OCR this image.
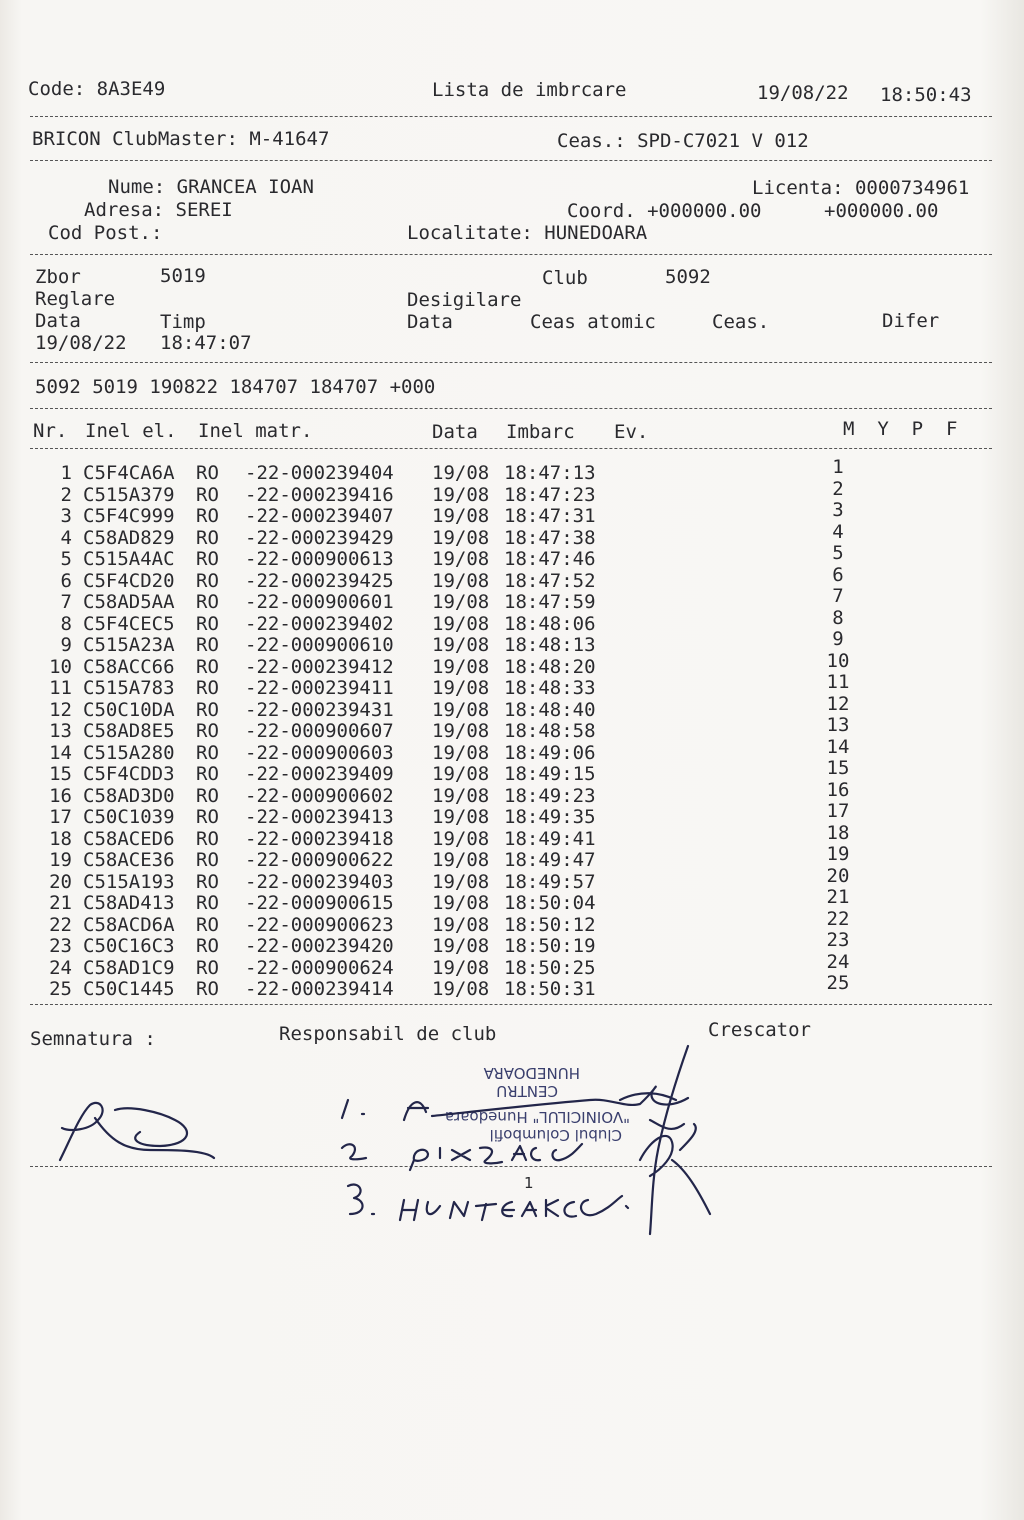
Code: 8A3E49	Lista de imbrcare	19/08/22 18:50:43
BRICON ClubMaster: M-41647	Ceas.: SPD-C7021 V 012
Nume: GRANCEA IOAN	Licenta: 0000734961
Adresa: SEREI	Coord. +000000.00	+000000.00
Cod Post.:	Localitate: HUNEDOARA
Zbor	5019	Club	5092
Reglare	Desigilare
Data	Timp	Data	Ceas atomic	Ceas.	Difer
19/08/22 18:47:07
5092 5019 190822 184707 184707 +000
Nr. Inel el. Inel matr.	Data Imbarc Ev.	M  Y  P  F
1 C5F4CA6A RO -22-000239404 19/08 18:47:13	1
2 C515A379 RO -22-000239416 19/08 18:47:23	2
3 C5F4C999 RO -22-000239407 19/08 18:47:31	3
4 C58AD829 RO -22-000239429 19/08 18:47:38	4
5 C515A4AC RO -22-000900613 19/08 18:47:46	5
6 C5F4CD20 RO -22-000239425 19/08 18:47:52	6
7 C58AD5AA RO -22-000900601 19/08 18:47:59	7
8 C5F4CEC5 RO -22-000239402 19/08 18:48:06	8
9 C515A23A RO -22-000900610 19/08 18:48:13	9
10 C58ACC66 RO -22-000239412 19/08 18:48:20	10
11 C515A783 RO -22-000239411 19/08 18:48:33	11
12 C50C10DA RO -22-000239431 19/08 18:48:40	12
13 C58AD8E5 RO -22-000900607 19/08 18:48:58	13
14 C515A280 RO -22-000900603 19/08 18:49:06	14
15 C5F4CDD3 RO -22-000239409 19/08 18:49:15	15
16 C58AD3D0 RO -22-000900602 19/08 18:49:23	16
17 C50C1039 RO -22-000239413 19/08 18:49:35	17
18 C58ACED6 RO -22-000239418 19/08 18:49:41	18
19 C58ACE36 RO -22-000900622 19/08 18:49:47	19
20 C515A193 RO -22-000239403 19/08 18:49:57	20
21 C58AD413 RO -22-000900615 19/08 18:50:04	21
22 C58ACD6A RO -22-000900623 19/08 18:50:12	22
23 C50C16C3 RO -22-000239420 19/08 18:50:19	23
24 C58AD1C9 RO -22-000900624 19/08 18:50:25	24
25 C50C1445 RO -22-000239414 19/08 18:50:31	25
Semnatura :	Responsabil de club	Crescator
HUNEDOARA
CENTRU
"VOINICILUL" Hunedoara
Clubul Columbofil
1
